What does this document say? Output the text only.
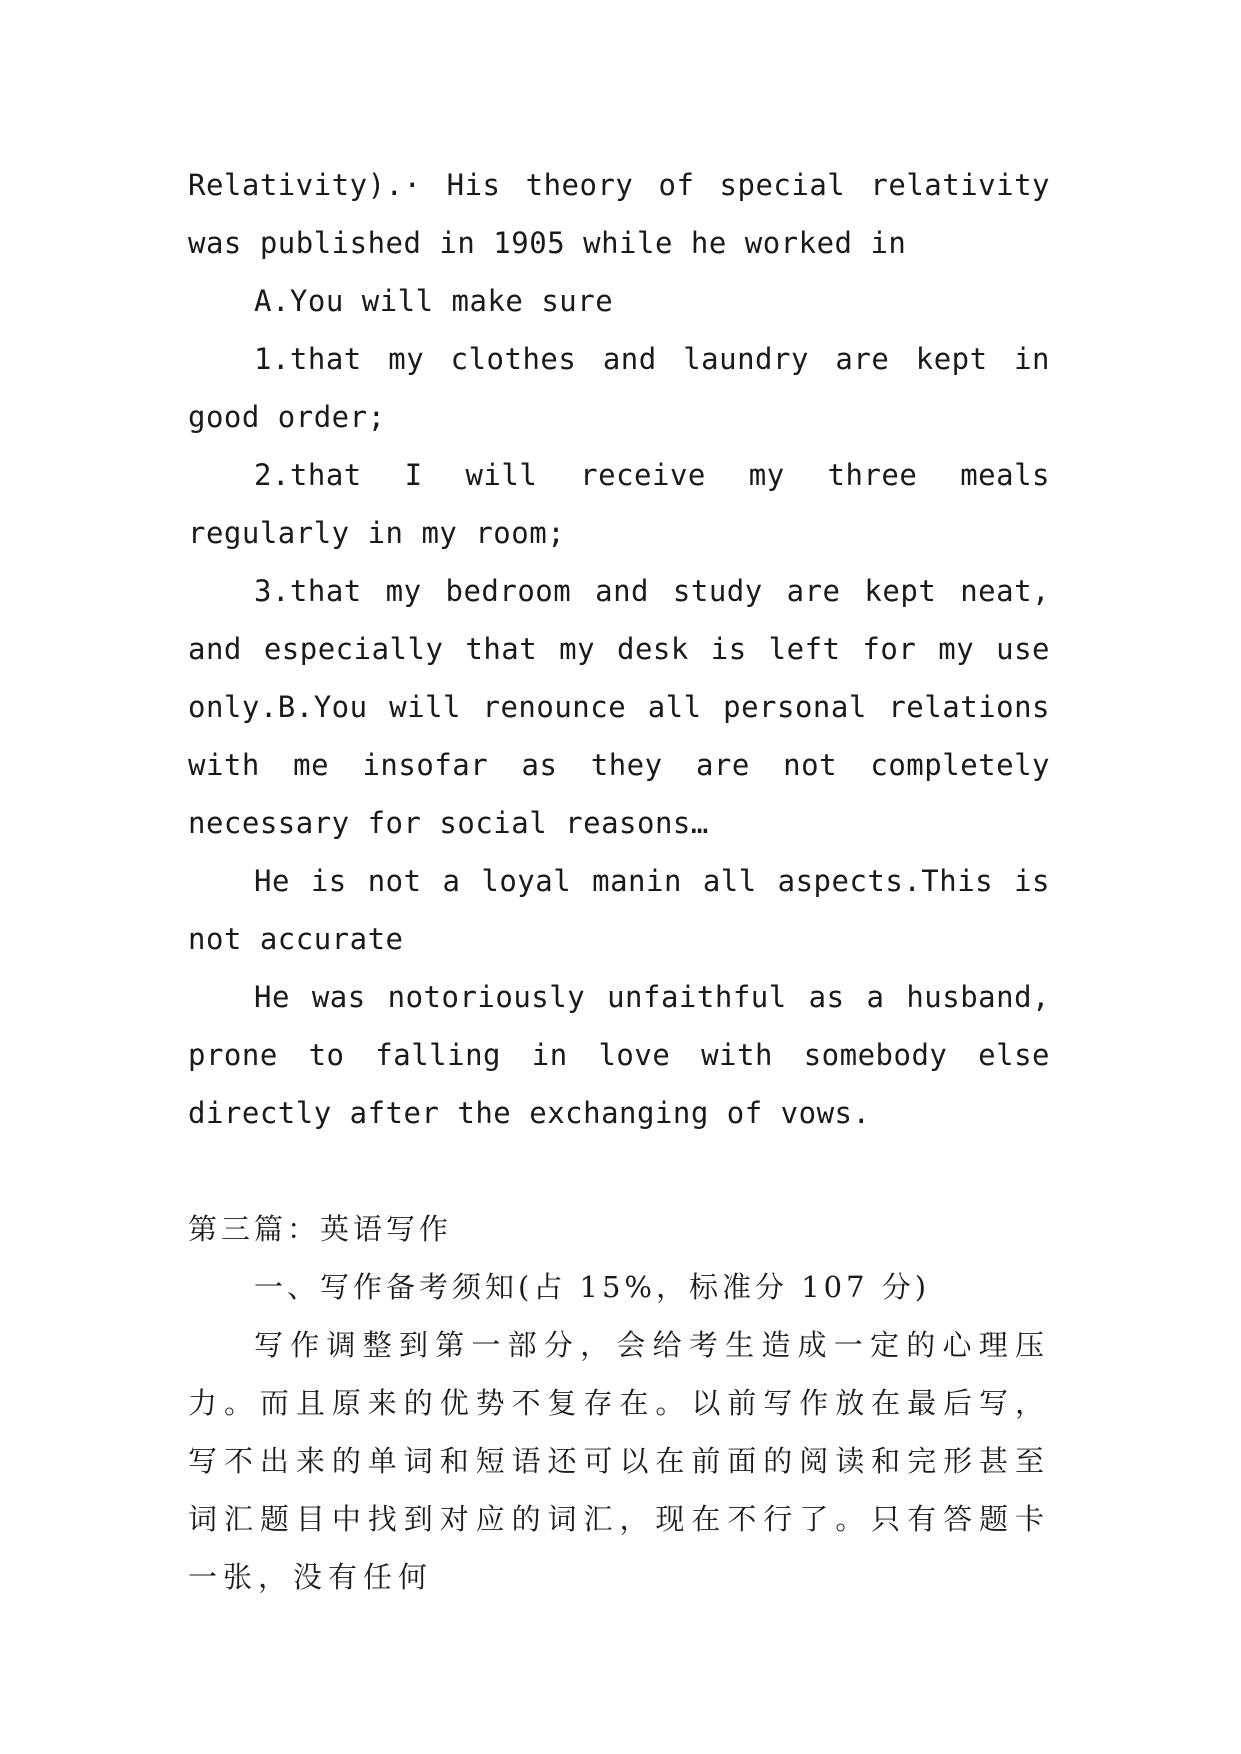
Relativity).· His theory of special relativity was published in 1905 while he worked in

A.You will make sure

1.that my clothes and laundry are kept in good order;

2.that I will receive my three meals regularly in my room;

3.that my bedroom and study are kept neat, and especially that my desk is left for my use only.B.You will renounce all personal relations with me insofar as they are not completely necessary for social reasons…

He is not a loyal manin all aspects.This is not accurate

He was notoriously unfaithful as a husband, prone to falling in love with somebody else directly after the exchanging of vows.

第三篇：英语写作

一、写作备考须知(占 15%，标准分 107 分)

写作调整到第一部分，会给考生造成一定的心理压力。而且原来的优势不复存在。以前写作放在最后写，写不出来的单词和短语还可以在前面的阅读和完形甚至词汇题目中找到对应的词汇，现在不行了。只有答题卡一张，没有任何
